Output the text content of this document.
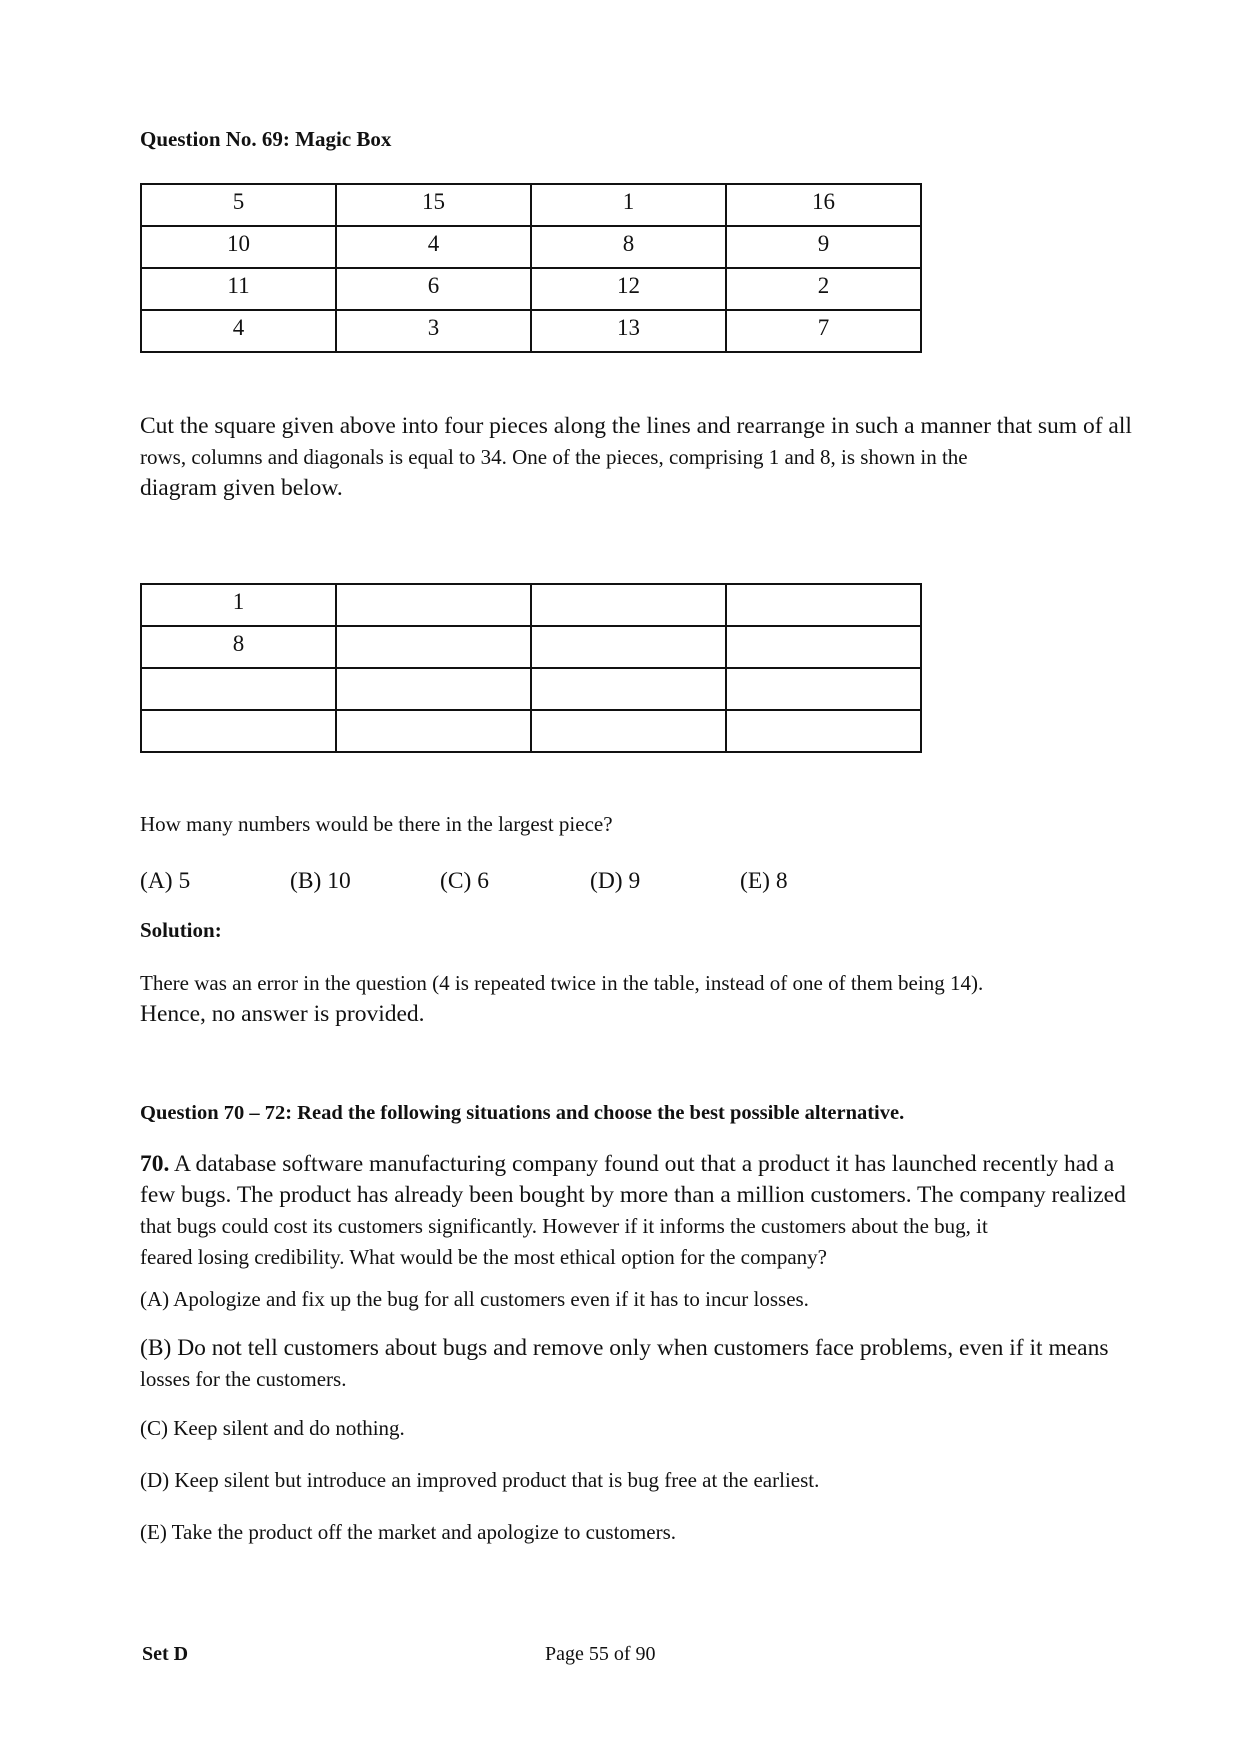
Question No. 69: Magic Box
5	15	1	16
10	4	8	9
11	6	12	2
4	3	13	7
Cut the square given above into four pieces along the lines and rearrange in such a manner that sum of all
rows, columns and diagonals is equal to 34. One of the pieces, comprising 1 and 8, is shown in the
diagram given below.
1			
8			

How many numbers would be there in the largest piece?
(A) 5	(B) 10	(C) 6	(D) 9	(E) 8
Solution:
There was an error in the question (4 is repeated twice in the table, instead of one of them being 14).
Hence, no answer is provided.
Question 70 – 72: Read the following situations and choose the best possible alternative.
70. A database software manufacturing company found out that a product it has launched recently had a
few bugs. The product has already been bought by more than a million customers. The company realized
that bugs could cost its customers significantly. However if it informs the customers about the bug, it
feared losing credibility. What would be the most ethical option for the company?
(A) Apologize and fix up the bug for all customers even if it has to incur losses.
(B) Do not tell customers about bugs and remove only when customers face problems, even if it means
losses for the customers.
(C) Keep silent and do nothing.
(D) Keep silent but introduce an improved product that is bug free at the earliest.
(E) Take the product off the market and apologize to customers.
Set D	Page 55 of 90
